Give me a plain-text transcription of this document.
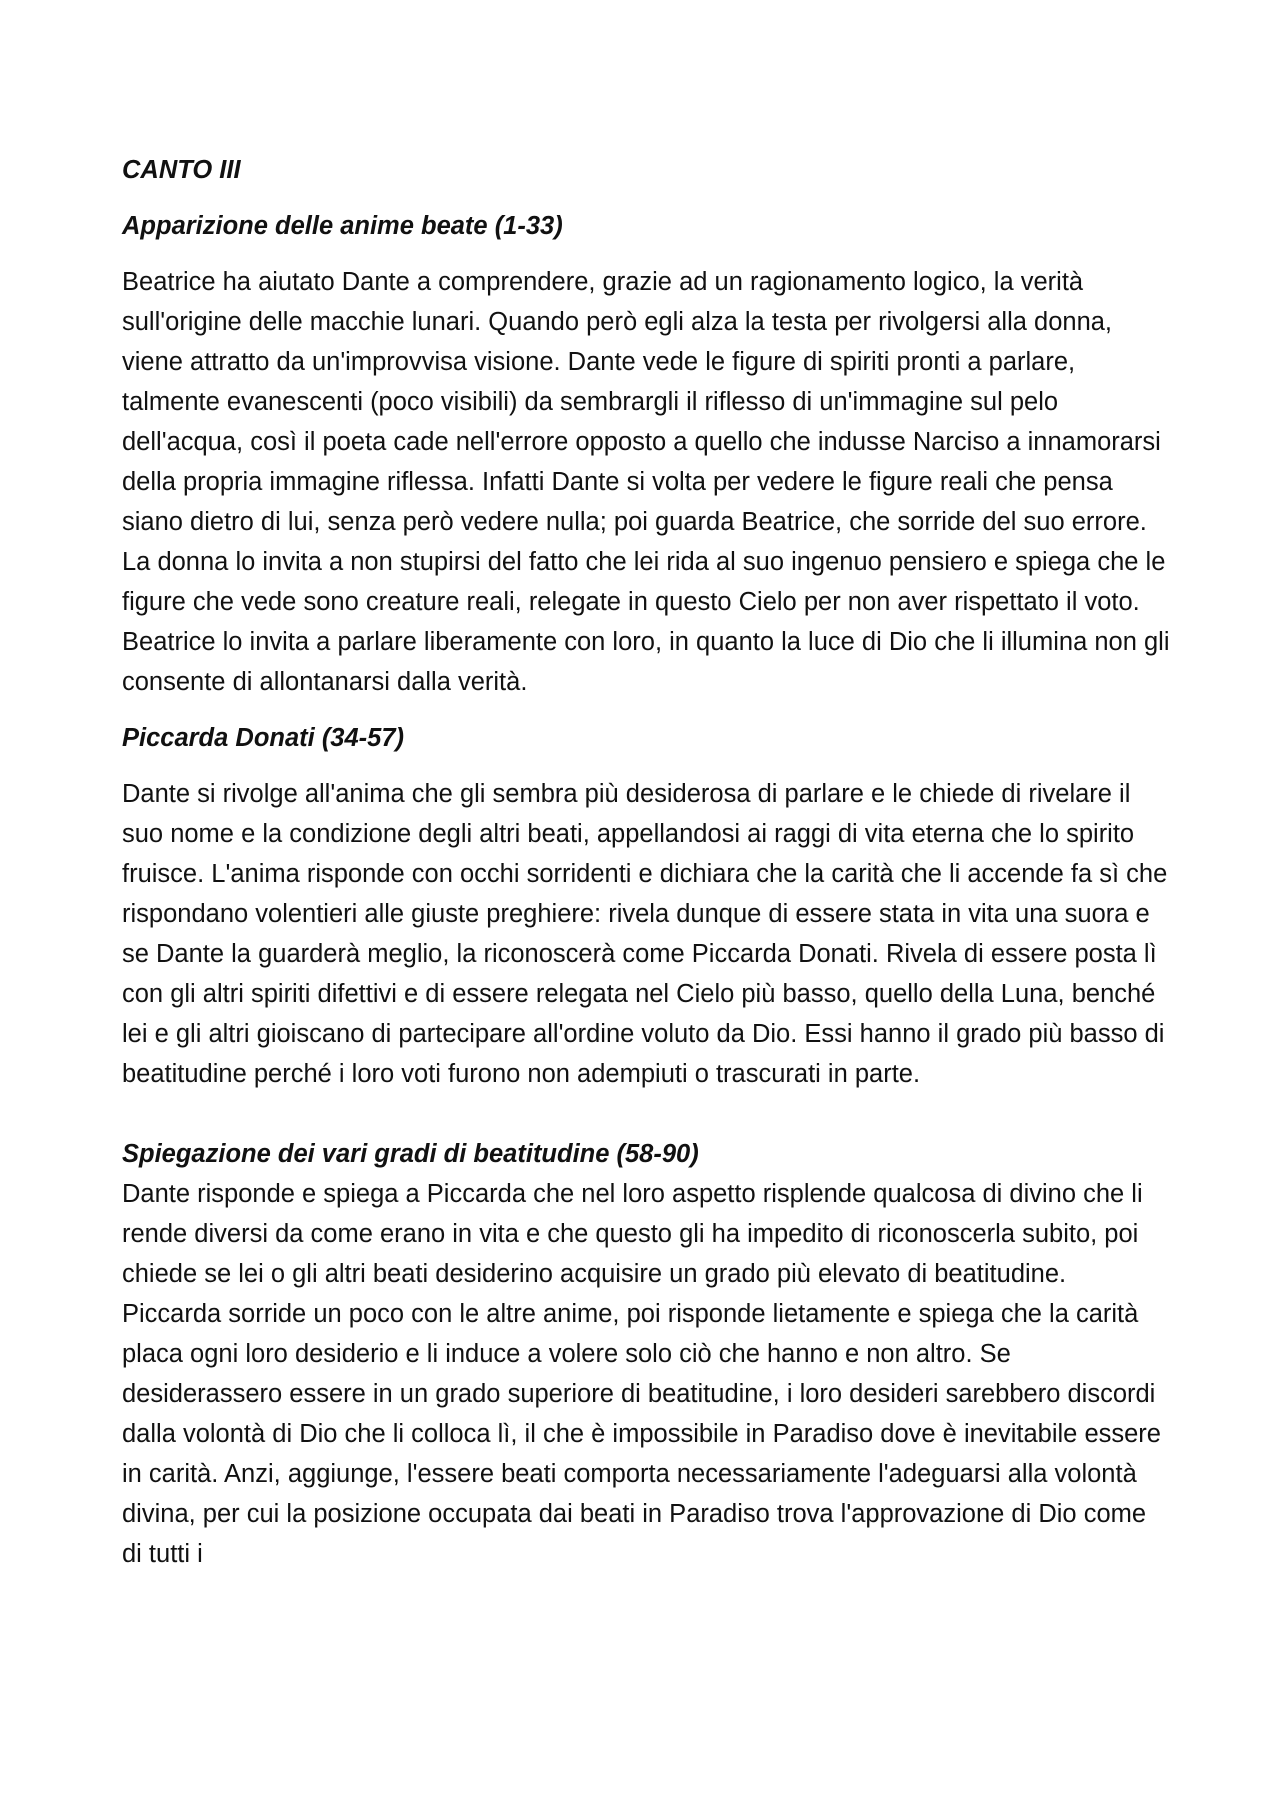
CANTO III

Apparizione delle anime beate (1-33)

Beatrice ha aiutato Dante a comprendere, grazie ad un ragionamento logico, la verità sull'origine delle macchie lunari. Quando però egli alza la testa per rivolgersi alla donna, viene attratto da un'improvvisa visione. Dante vede le figure di spiriti pronti a parlare, talmente evanescenti (poco visibili) da sembrargli il riflesso di un'immagine sul pelo dell'acqua, così il poeta cade nell'errore opposto a quello che indusse Narciso a innamorarsi della propria immagine riflessa. Infatti Dante si volta per vedere le figure reali che pensa siano dietro di lui, senza però vedere nulla; poi guarda Beatrice, che sorride del suo errore. La donna lo invita a non stupirsi del fatto che lei rida al suo ingenuo pensiero e spiega che le figure che vede sono creature reali, relegate in questo Cielo per non aver rispettato il voto. Beatrice lo invita a parlare liberamente con loro, in quanto la luce di Dio che li illumina non gli consente di allontanarsi dalla verità.

Piccarda Donati (34-57)

Dante si rivolge all'anima che gli sembra più desiderosa di parlare e le chiede di rivelare il suo nome e la condizione degli altri beati, appellandosi ai raggi di vita eterna che lo spirito fruisce. L'anima risponde con occhi sorridenti e dichiara che la carità che li accende fa sì che rispondano volentieri alle giuste preghiere: rivela dunque di essere stata in vita una suora e se Dante la guarderà meglio, la riconoscerà come Piccarda Donati. Rivela di essere posta lì con gli altri spiriti difettivi e di essere relegata nel Cielo più basso, quello della Luna, benché lei e gli altri gioiscano di partecipare all'ordine voluto da Dio. Essi hanno il grado più basso di beatitudine perché i loro voti furono non adempiuti o trascurati in parte.

Spiegazione dei vari gradi di beatitudine (58-90)

Dante risponde e spiega a Piccarda che nel loro aspetto risplende qualcosa di divino che li rende diversi da come erano in vita e che questo gli ha impedito di riconoscerla subito, poi chiede se lei o gli altri beati desiderino acquisire un grado più elevato di beatitudine. Piccarda sorride un poco con le altre anime, poi risponde lietamente e spiega che la carità placa ogni loro desiderio e li induce a volere solo ciò che hanno e non altro. Se desiderassero essere in un grado superiore di beatitudine, i loro desideri sarebbero discordi dalla volontà di Dio che li colloca lì, il che è impossibile in Paradiso dove è inevitabile essere in carità. Anzi, aggiunge, l'essere beati comporta necessariamente l'adeguarsi alla volontà divina, per cui la posizione occupata dai beati in Paradiso trova l'approvazione di Dio come di tutti i
